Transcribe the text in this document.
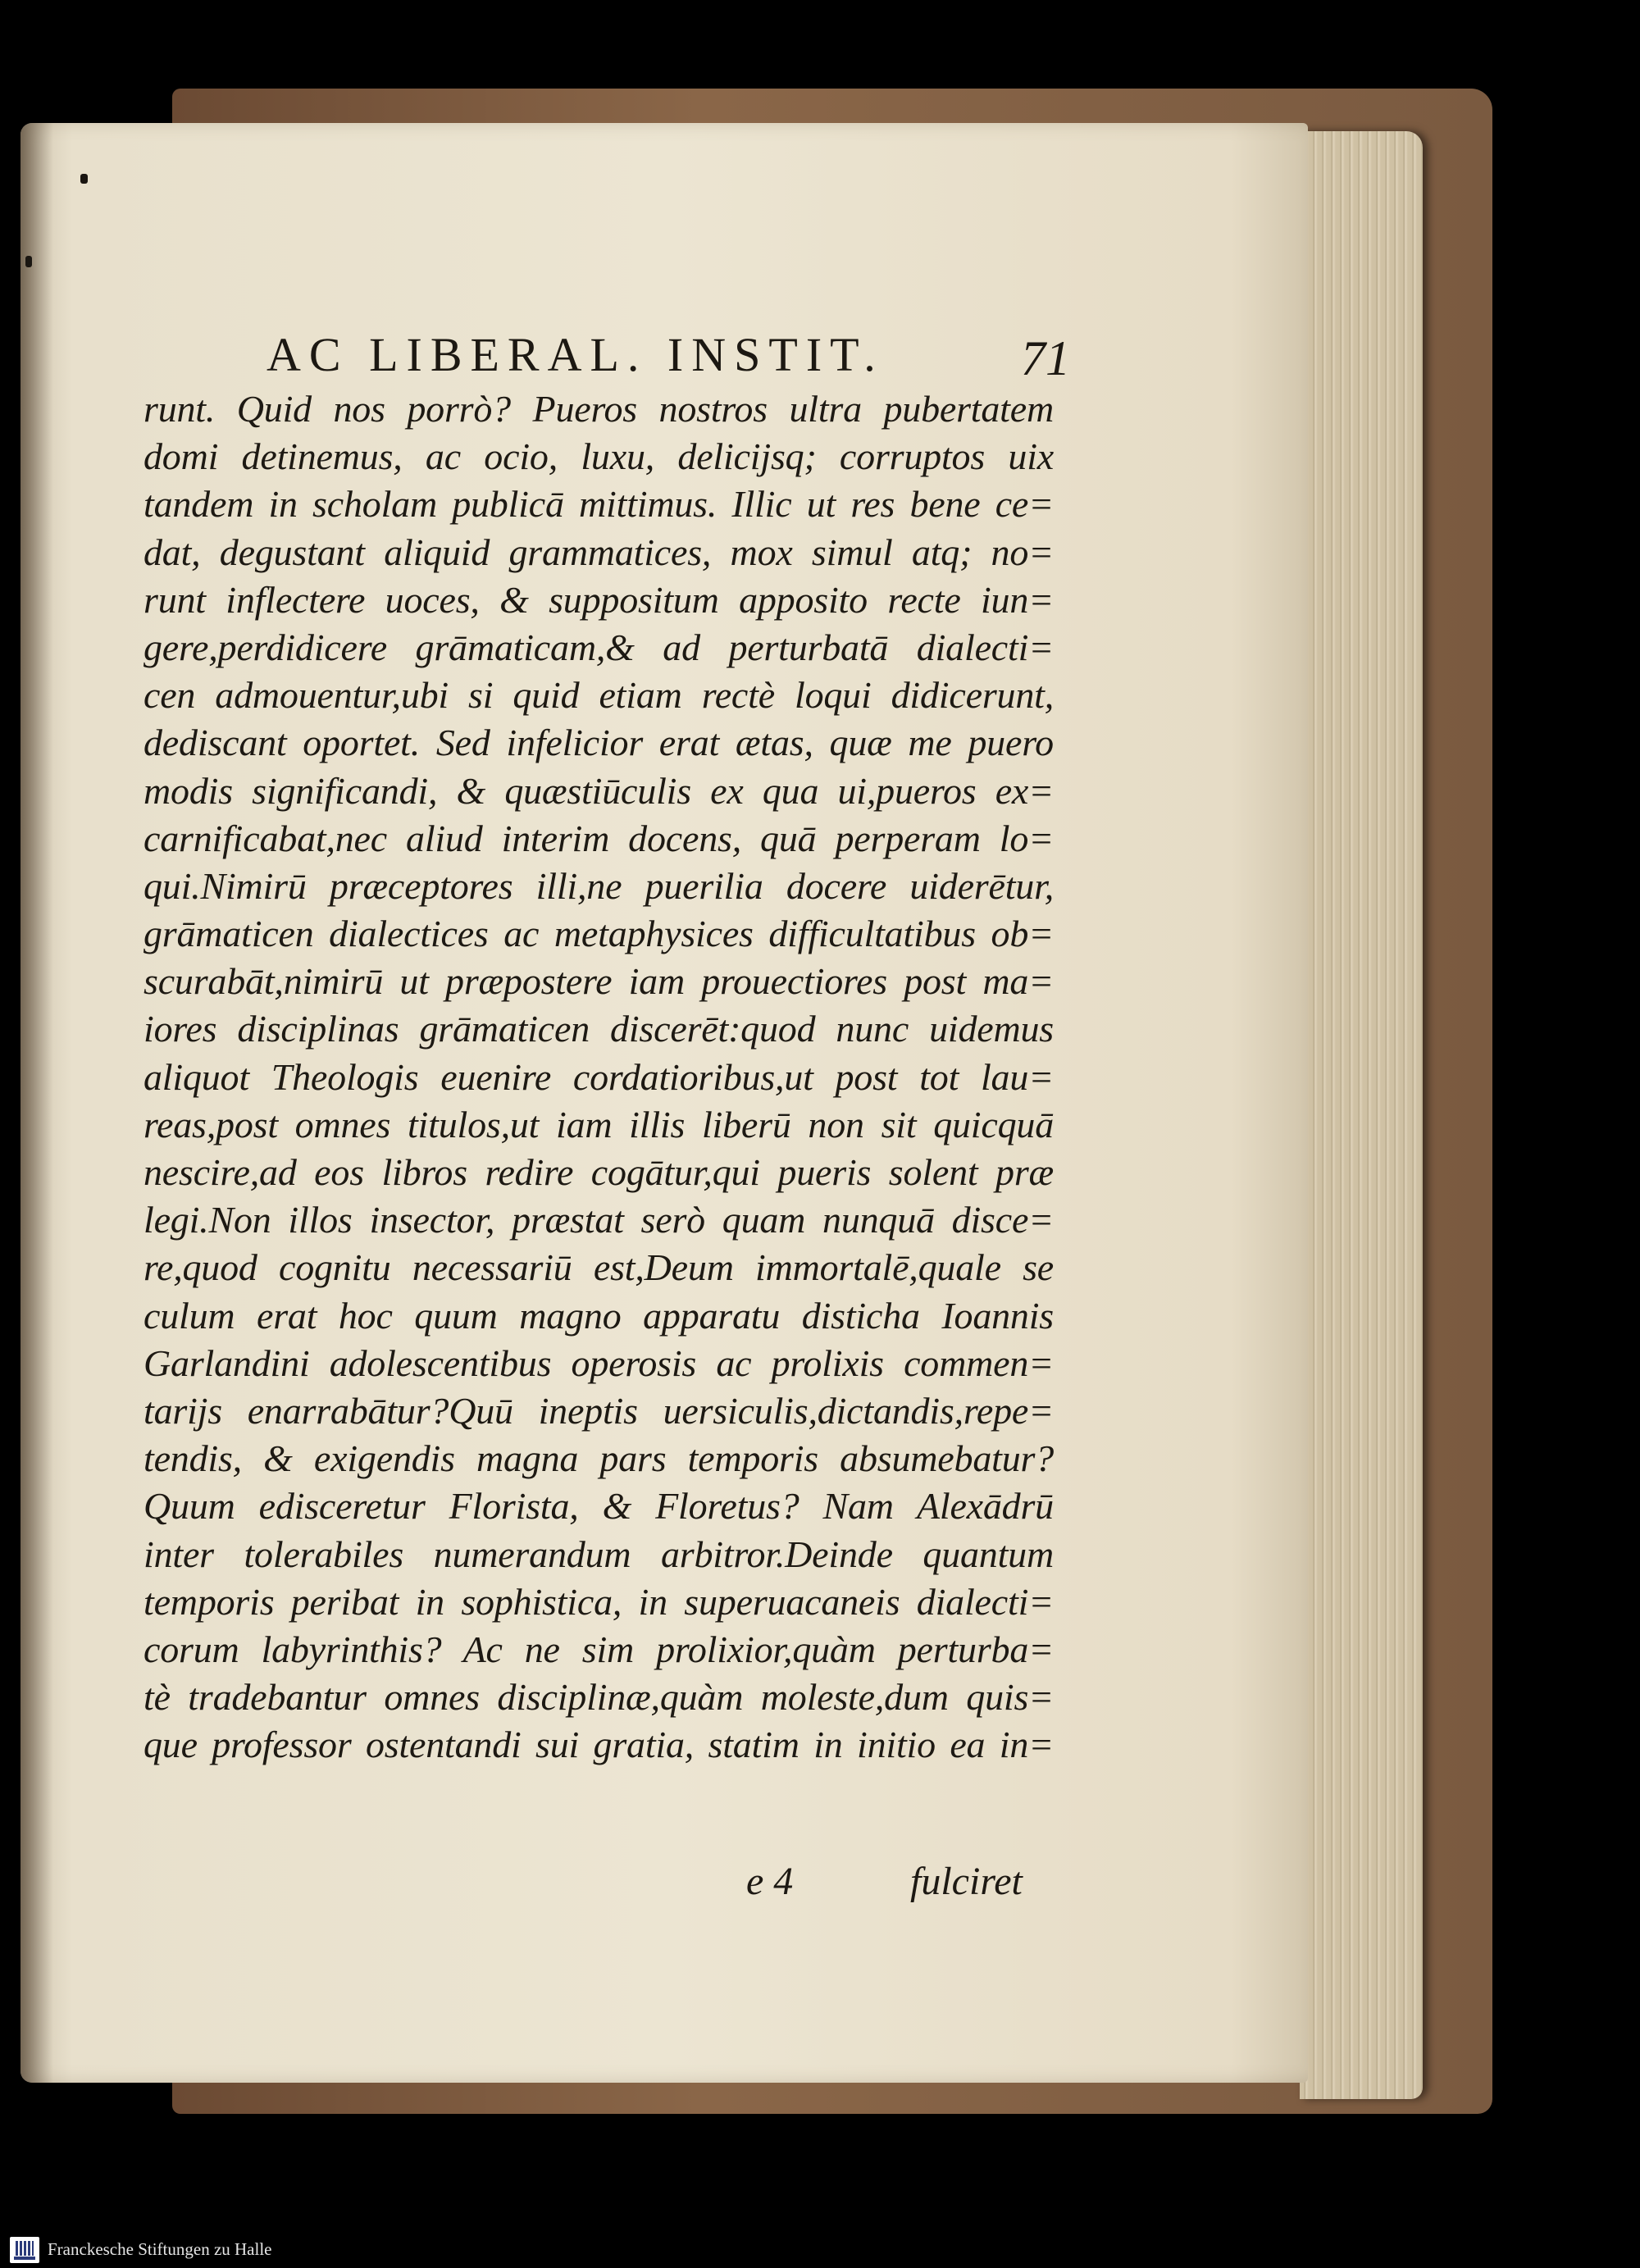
AC LIBERAL. INSTIT.	71
runt. Quid nos porrò? Pueros nostros ultra pubertatem
domi detinemus, ac ocio, luxu, delicijsq; corruptos uix
tandem in scholam publicā mittimus. Illic ut res bene ce=
dat, degustant aliquid grammatices, mox simul atq; no=
runt inflectere uoces, & suppositum apposito recte iun=
gere,perdidicere grāmaticam,& ad perturbatā dialecti=
cen admouentur,ubi si quid etiam rectè loqui didicerunt,
dediscant oportet. Sed infelicior erat ætas, quæ me puero
modis significandi, & quæstiūculis ex qua ui,pueros ex=
carnificabat,nec aliud interim docens, quā perperam lo=
qui.Nimirū præceptores illi,ne puerilia docere uiderētur,
grāmaticen dialectices ac metaphysices difficultatibus ob=
scurabāt,nimirū ut præpostere iam prouectiores post ma=
iores disciplinas grāmaticen discerēt:quod nunc uidemus
aliquot Theologis euenire cordatioribus,ut post tot lau=
reas,post omnes titulos,ut iam illis liberū non sit quicquā
nescire,ad eos libros redire cogātur,qui pueris solent præ
legi.Non illos insector, præstat serò quam nunquā disce=
re,quod cognitu necessariū est,Deum immortalē,quale se
culum erat hoc quum magno apparatu disticha Ioannis
Garlandini adolescentibus operosis ac prolixis commen=
tarijs enarrabātur?Quū ineptis uersiculis,dictandis,repe=
tendis, & exigendis magna pars temporis absumebatur?
Quum edisceretur Florista, & Floretus? Nam Alexādrū
inter tolerabiles numerandum arbitror.Deinde quantum
temporis peribat in sophistica, in superuacaneis dialecti=
corum labyrinthis? Ac ne sim prolixior,quàm perturba=
tè tradebantur omnes disciplinæ,quàm moleste,dum quis=
que professor ostentandi sui gratia, statim in initio ea in=
e 4	fulciret
Franckesche Stiftungen zu Halle
